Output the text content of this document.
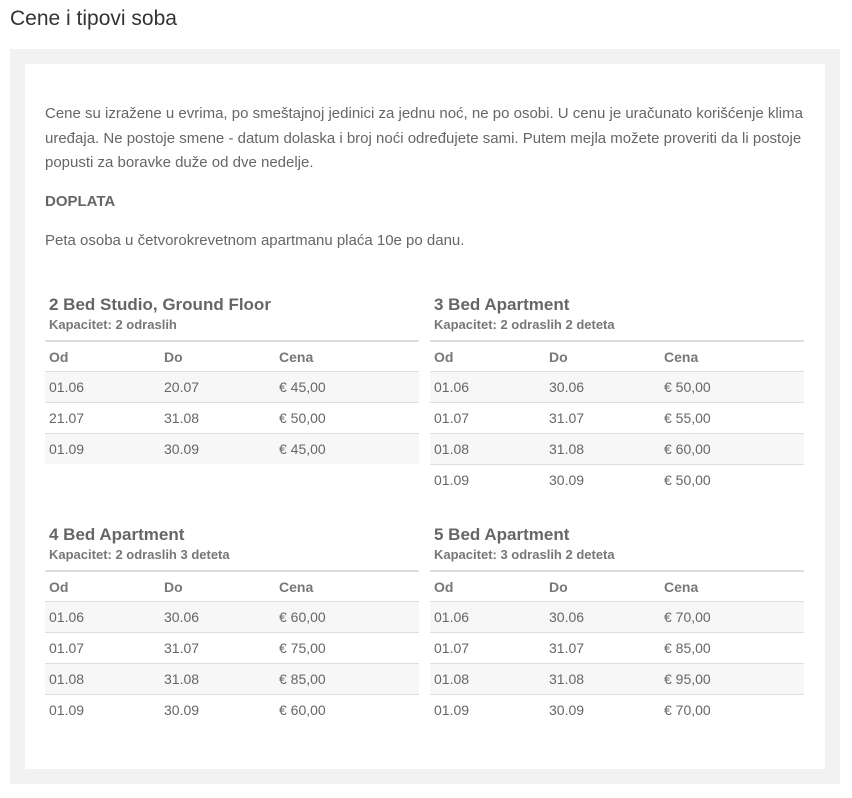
Cene i tipovi soba

Cene su izražene u evrima, po smeštajnoj jedinici za jednu noć, ne po osobi. U cenu je uračunato korišćenje klima uređaja. Ne postoje smene - datum dolaska i broj noći određujete sami. Putem mejla možete proveriti da li postoje popusti za boravke duže od dve nedelje.

DOPLATA

Peta osoba u četvorokrevetnom apartmanu plaća 10e po danu.

2 Bed Studio, Ground Floor

Kapacitet: 2 odraslih

Od	Do	Cena
01.06	20.07	€ 45,00
21.07	31.08	€ 50,00
01.09	30.09	€ 45,00
3 Bed Apartment

Kapacitet: 2 odraslih 2 deteta

Od	Do	Cena
01.06	30.06	€ 50,00
01.07	31.07	€ 55,00
01.08	31.08	€ 60,00
01.09	30.09	€ 50,00
4 Bed Apartment

Kapacitet: 2 odraslih 3 deteta

Od	Do	Cena
01.06	30.06	€ 60,00
01.07	31.07	€ 75,00
01.08	31.08	€ 85,00
01.09	30.09	€ 60,00
5 Bed Apartment

Kapacitet: 3 odraslih 2 deteta

Od	Do	Cena
01.06	30.06	€ 70,00
01.07	31.07	€ 85,00
01.08	31.08	€ 95,00
01.09	30.09	€ 70,00
